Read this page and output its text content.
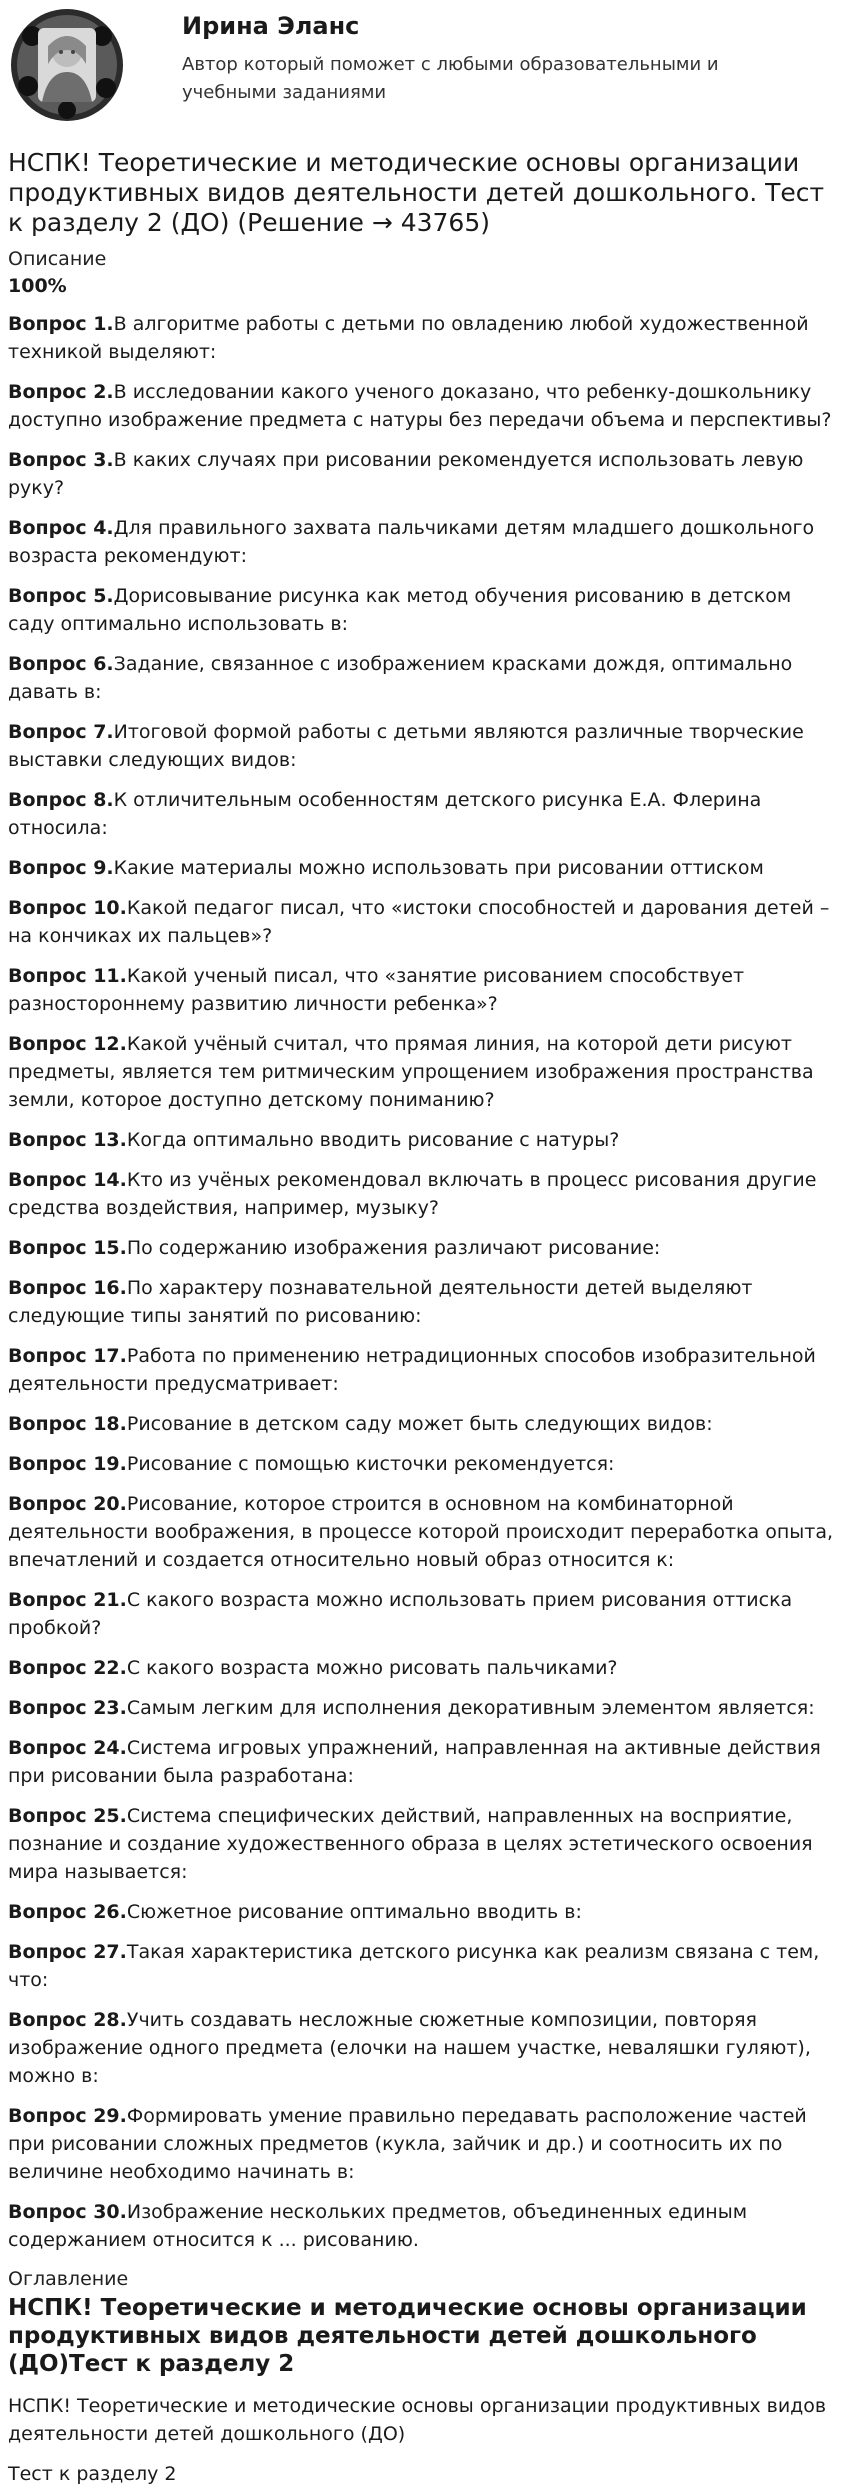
Ирина Эланс
Автор который поможет с любыми образовательными и учебными заданиями
НСПК! Теоретические и методические основы организации продуктивных видов деятельности детей дошкольного. Тест к разделу 2 (ДО) (Решение → 43765)
Описание
100%

Вопрос 1.В алгоритме работы с детьми по овладению любой художественной техникой выделяют:

Вопрос 2.В исследовании какого ученого доказано, что ребенку-дошкольнику доступно изображение предмета с натуры без передачи объема и перспективы?

Вопрос 3.В каких случаях при рисовании рекомендуется использовать левую руку?

Вопрос 4.Для правильного захвата пальчиками детям младшего дошкольного возраста рекомендуют:

Вопрос 5.Дорисовывание рисунка как метод обучения рисованию в детском саду оптимально использовать в:

Вопрос 6.Задание, связанное с изображением красками дождя, оптимально давать в:

Вопрос 7.Итоговой формой работы с детьми являются различные творческие выставки следующих видов:

Вопрос 8.К отличительным особенностям детского рисунка Е.А. Флерина относила:

Вопрос 9.Какие материалы можно использовать при рисовании оттиском

Вопрос 10.Какой педагог писал, что «истоки способностей и дарования детей – на кончиках их пальцев»?

Вопрос 11.Какой ученый писал, что «занятие рисованием способствует разностороннему развитию личности ребенка»?

Вопрос 12.Какой учёный считал, что прямая линия, на которой дети рисуют предметы, является тем ритмическим упрощением изображения пространства земли, которое доступно детскому пониманию?

Вопрос 13.Когда оптимально вводить рисование с натуры?

Вопрос 14.Кто из учёных рекомендовал включать в процесс рисования другие средства воздействия, например, музыку?

Вопрос 15.По содержанию изображения различают рисование:

Вопрос 16.По характеру познавательной деятельности детей выделяют следующие типы занятий по рисованию:

Вопрос 17.Работа по применению нетрадиционных способов изобразительной деятельности предусматривает:

Вопрос 18.Рисование в детском саду может быть следующих видов:

Вопрос 19.Рисование с помощью кисточки рекомендуется:

Вопрос 20.Рисование, которое строится в основном на комбинаторной деятельности воображения, в процессе которой происходит переработка опыта, впечатлений и создается относительно новый образ относится к:

Вопрос 21.С какого возраста можно использовать прием рисования оттиска пробкой?

Вопрос 22.С какого возраста можно рисовать пальчиками?

Вопрос 23.Самым легким для исполнения декоративным элементом является:

Вопрос 24.Система игровых упражнений, направленная на активные действия при рисовании была разработана:

Вопрос 25.Система специфических действий, направленных на восприятие, познание и создание художественного образа в целях эстетического освоения мира называется:

Вопрос 26.Сюжетное рисование оптимально вводить в:

Вопрос 27.Такая характеристика детского рисунка как реализм связана с тем, что:

Вопрос 28.Учить создавать несложные сюжетные композиции, повторяя изображение одного предмета (елочки на нашем участке, неваляшки гуляют), можно в:

Вопрос 29.Формировать умение правильно передавать расположение частей при рисовании сложных предметов (кукла, зайчик и др.) и соотносить их по величине необходимо начинать в:

Вопрос 30.Изображение нескольких предметов, объединенных единым содержанием относится к ... рисованию.

Оглавление
НСПК! Теоретические и методические основы организации продуктивных видов деятельности детей дошкольного (ДО)Тест к разделу 2
НСПК! Теоретические и методические основы организации продуктивных видов деятельности детей дошкольного (ДО)
Тест к разделу 2
